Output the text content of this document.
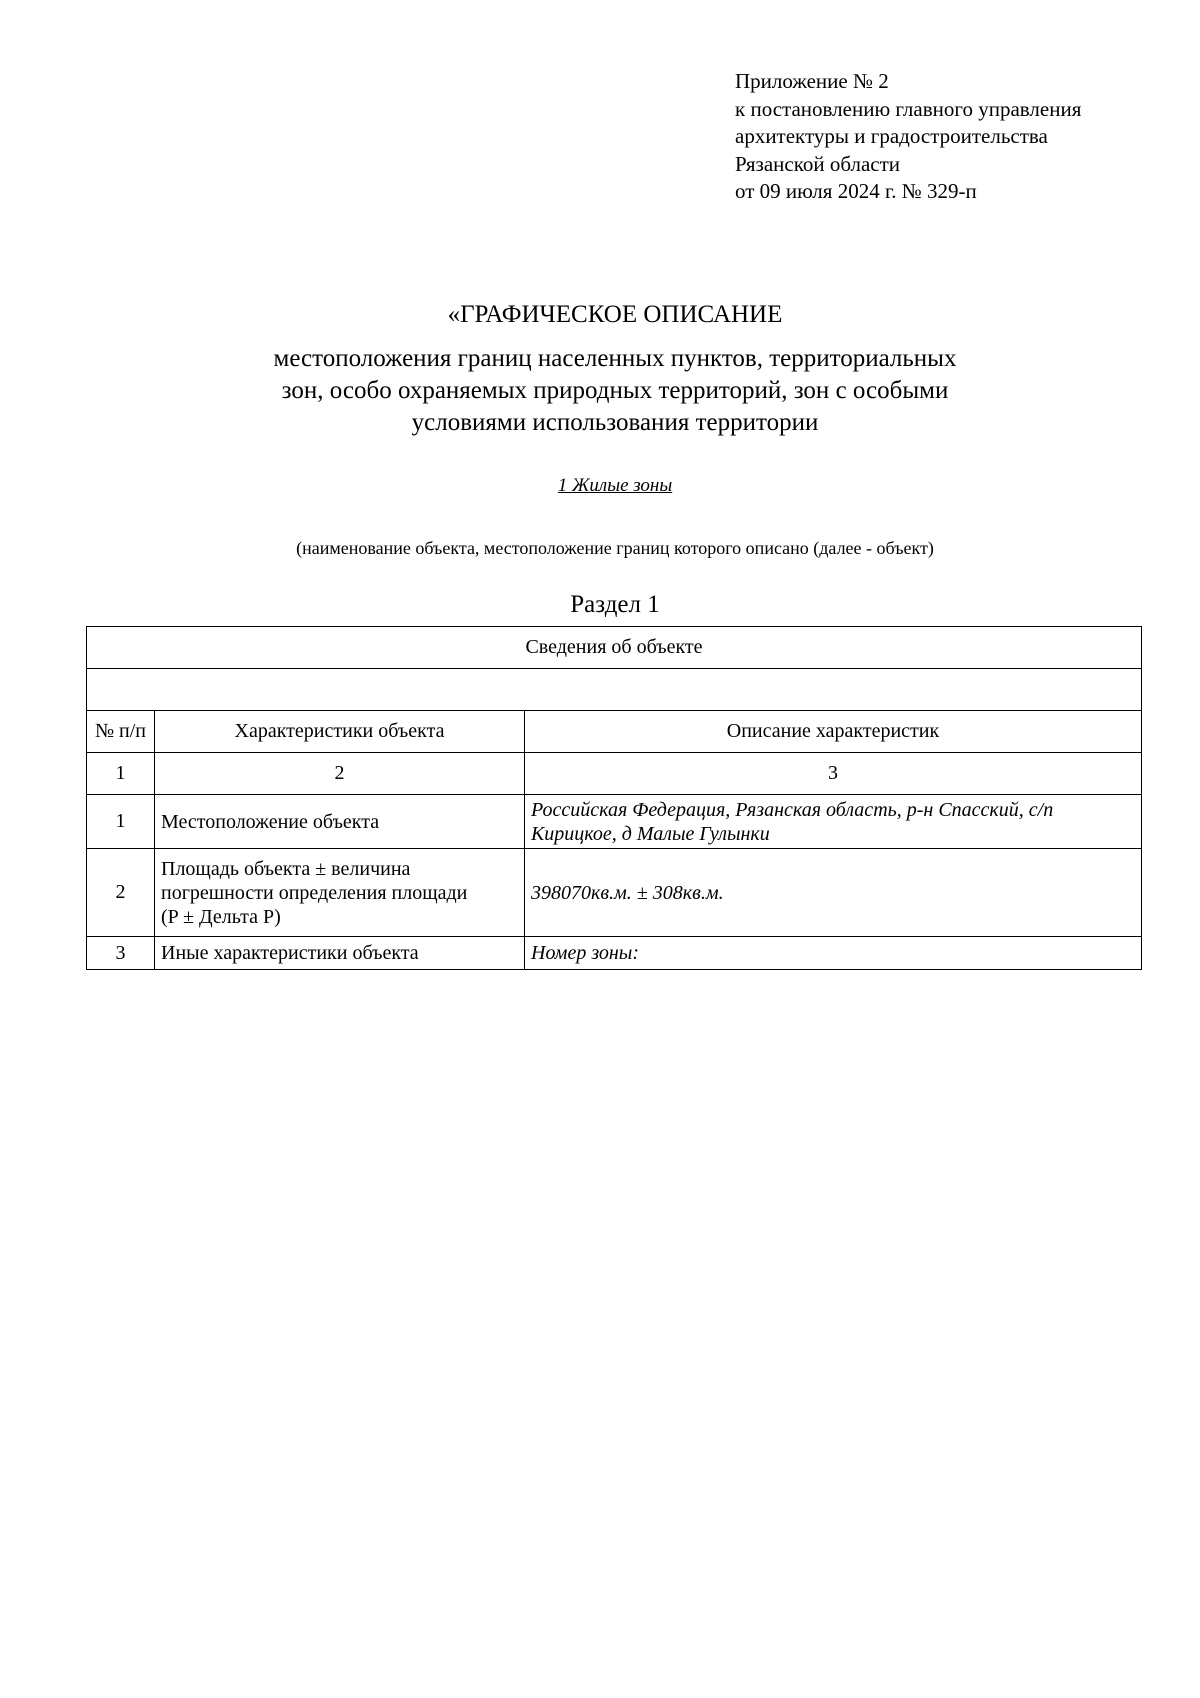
Приложение № 2
к постановлению главного управления
архитектуры и градостроительства
Рязанской области
от 09 июля 2024 г. № 329-п
«ГРАФИЧЕСКОЕ ОПИСАНИЕ
местоположения границ населенных пунктов, территориальных
зон, особо охраняемых природных территорий, зон с особыми
условиями использования территории
1 Жилые зоны
(наименование объекта, местоположение границ которого описано (далее - объект)
Раздел 1
Сведения об объекте		

№ п/п	Характеристики объекта	Описание характеристик
1	2	3
1	Местоположение объекта	Российская Федерация, Рязанская область, р-н Спасский, с/п
Кирицкое, д Малые Гулынки

2	Площадь объекта ± величина
погрешности определения площади
(P ± Дельта P)	398070кв.м. ± 308кв.м.

3	Иные характеристики объекта	Номер зоны:
